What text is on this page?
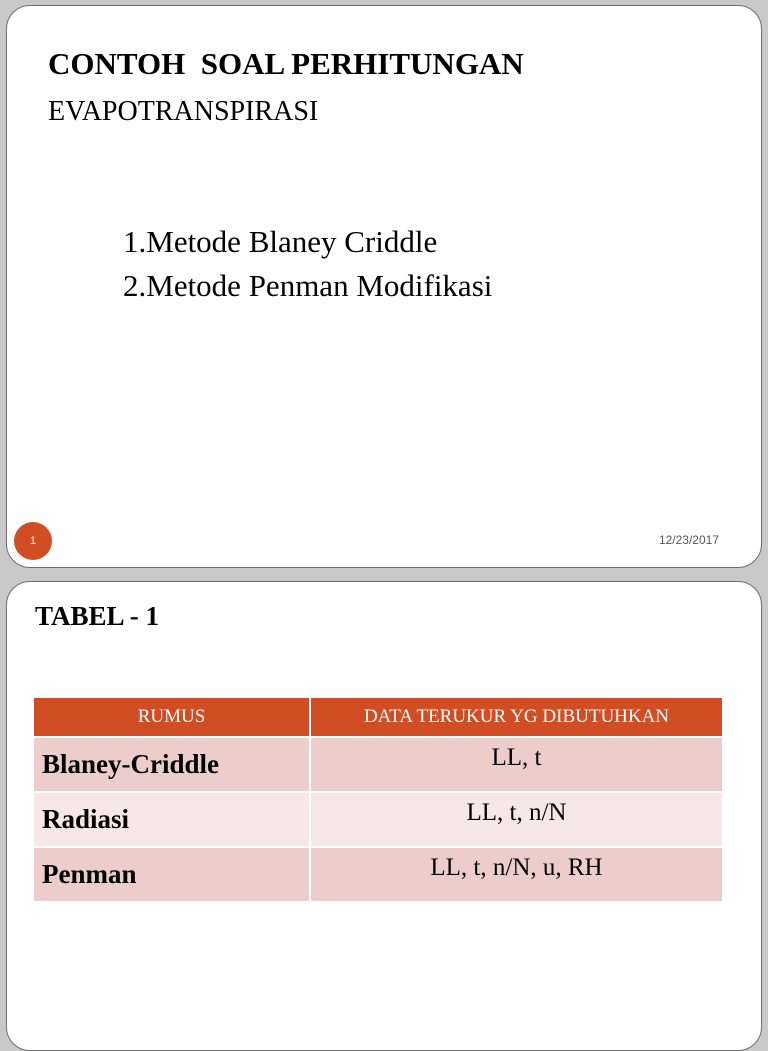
CONTOH  SOAL PERHITUNGAN
EVAPOTRANSPIRASI
1.Metode Blaney Criddle
2.Metode Penman Modifikasi
1	12/23/2017
TABEL - 1
RUMUS	DATA TERUKUR YG DIBUTUHKAN
Blaney-Criddle	LL, t
Radiasi	LL, t, n/N
Penman	LL, t, n/N, u, RH
